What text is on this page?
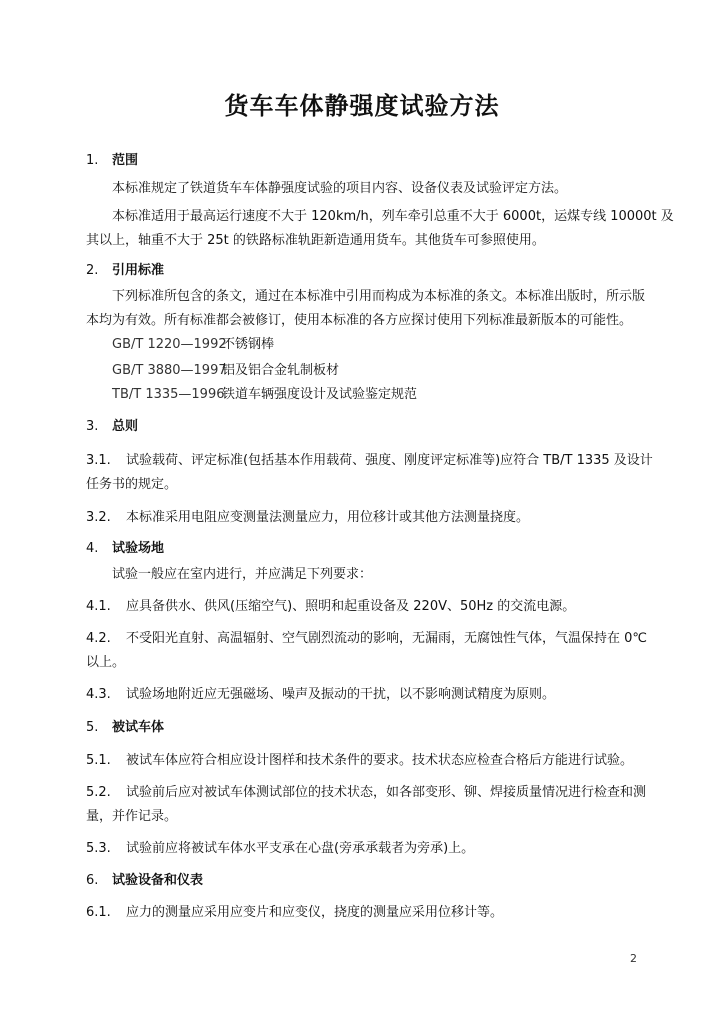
货车车体静强度试验方法
1. 范围
本标准规定了铁道货车车体静强度试验的项目内容、设备仪表及试验评定方法。
本标准适用于最高运行速度不大于 120km/h，列车牵引总重不大于 6000t，运煤专线 10000t 及
其以上，轴重不大于 25t 的铁路标准轨距新造通用货车。其他货车可参照使用。
2. 引用标准
下列标准所包含的条文，通过在本标准中引用而构成为本标准的条文。本标准出版时，所示版
本均为有效。所有标准都会被修订，使用本标准的各方应探讨使用下列标准最新版本的可能性。
GB/T 1220—1992不锈钢棒
GB/T 3880—1997铝及铝合金轧制板材
TB/T 1335—1996铁道车辆强度设计及试验鉴定规范
3. 总则
3.1. 试验载荷、评定标准(包括基本作用载荷、强度、刚度评定标准等)应符合 TB/T 1335 及设计
任务书的规定。
3.2. 本标准采用电阻应变测量法测量应力，用位移计或其他方法测量挠度。
4. 试验场地
试验一般应在室内进行，并应满足下列要求：
4.1. 应具备供水、供风(压缩空气)、照明和起重设备及 220V、50Hz 的交流电源。
4.2. 不受阳光直射、高温辐射、空气剧烈流动的影响，无漏雨，无腐蚀性气体，气温保持在 0℃
以上。
4.3. 试验场地附近应无强磁场、噪声及振动的干扰，以不影响测试精度为原则。
5. 被试车体
5.1. 被试车体应符合相应设计图样和技术条件的要求。技术状态应检查合格后方能进行试验。
5.2. 试验前后应对被试车体测试部位的技术状态，如各部变形、铆、焊接质量情况进行检查和测
量，并作记录。
5.3. 试验前应将被试车体水平支承在心盘(旁承承载者为旁承)上。
6. 试验设备和仪表
6.1. 应力的测量应采用应变片和应变仪，挠度的测量应采用位移计等。
2
